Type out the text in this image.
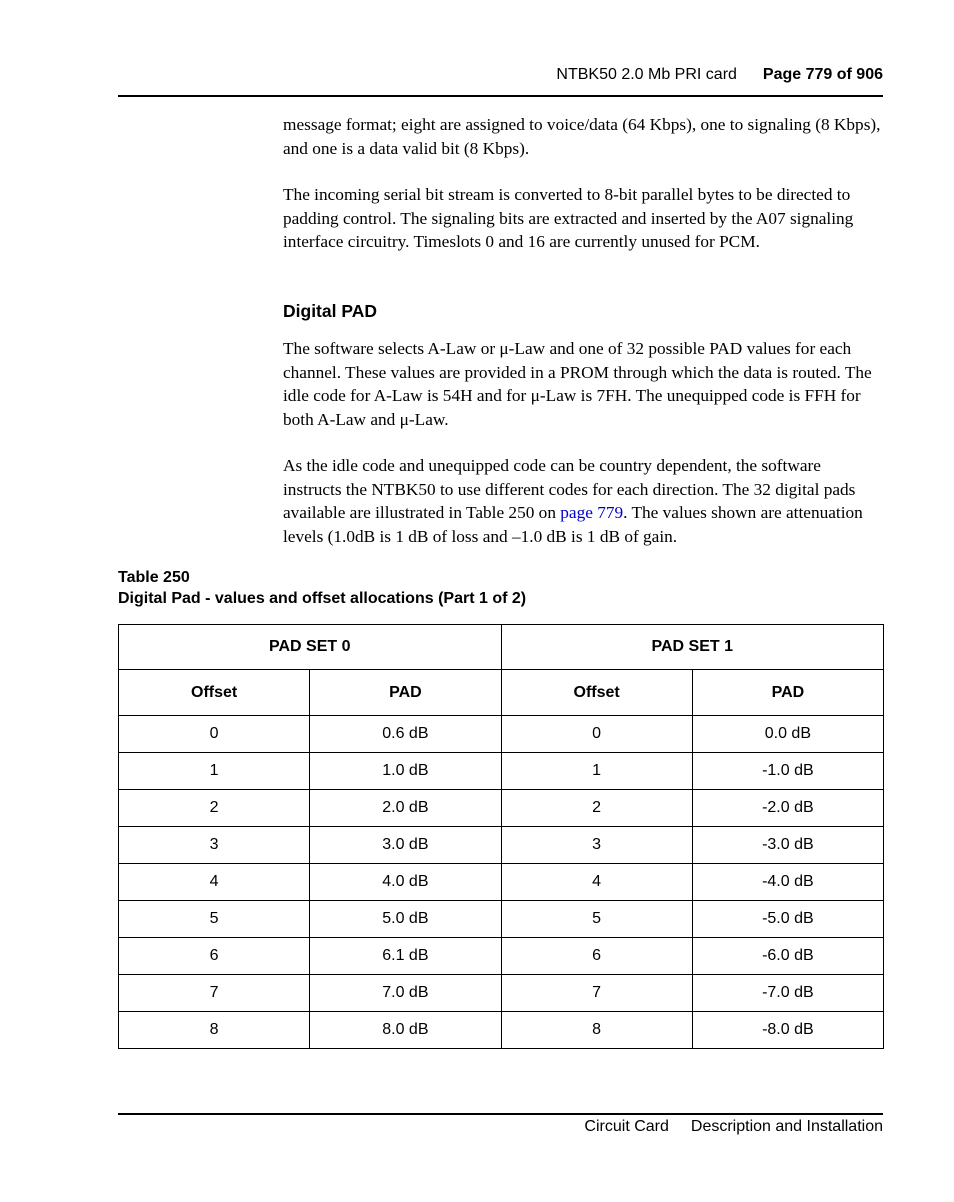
NTBK50 2.0 Mb PRI card Page 779 of 906
message format; eight are assigned to voice/data (64 Kbps), one to signaling (8 Kbps), and one is a data valid bit (8 Kbps).
The incoming serial bit stream is converted to 8-bit parallel bytes to be directed to padding control. The signaling bits are extracted and inserted by the A07 signaling interface circuitry. Timeslots 0 and 16 are currently unused for PCM.
Digital PAD
The software selects A-Law or μ-Law and one of 32 possible PAD values for each channel. These values are provided in a PROM through which the data is routed. The idle code for A-Law is 54H and for μ-Law is 7FH. The unequipped code is FFH for both A-Law and μ-Law.
As the idle code and unequipped code can be country dependent, the software instructs the NTBK50 to use different codes for each direction. The 32 digital pads available are illustrated in Table 250 on page 779. The values shown are attenuation levels (1.0dB is 1 dB of loss and –1.0 dB is 1 dB of gain.
Table 250
Digital Pad - values and offset allocations (Part 1 of 2)
PAD SET 0		PAD SET 1	
Offset	PAD	Offset	PAD
0	0.6 dB	0	0.0 dB
1	1.0 dB	1	-1.0 dB
2	2.0 dB	2	-2.0 dB
3	3.0 dB	3	-3.0 dB
4	4.0 dB	4	-4.0 dB
5	5.0 dB	5	-5.0 dB
6	6.1 dB	6	-6.0 dB
7	7.0 dB	7	-7.0 dB
8	8.0 dB	8	-8.0 dB
Circuit Card Description and Installation
